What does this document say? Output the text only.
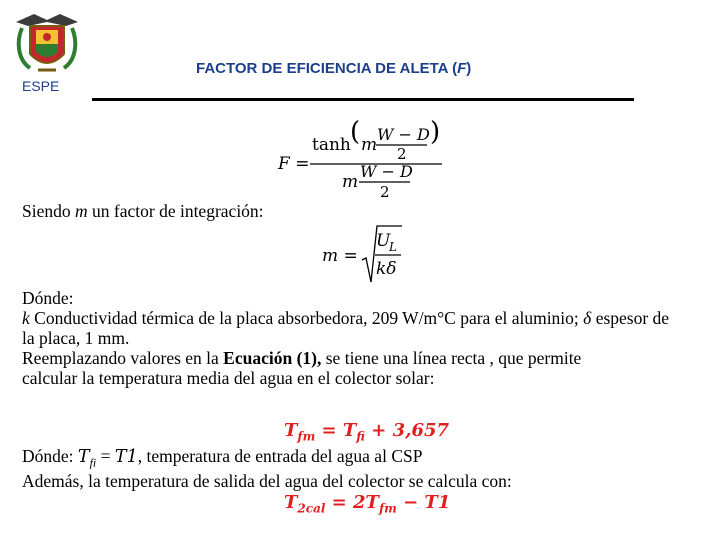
ESPE
FACTOR DE EFICIENCIA DE ALETA (F)
F =
tanh ( m
W − D
2
)
m
W − D
2
Siendo m un factor de integración:
m =
U
L
kδ
Dónde:
k Conductividad térmica de la placa absorbedora, 209 W/m°C para el aluminio; δ espesor de
la placa, 1 mm.
Reemplazando valores en la Ecuación (1), se tiene una línea recta , que permite
calcular la temperatura media del agua en el colector solar:
$T_{fm} = T_{fi} + 3,657$
Dónde: $T_{fi} = T1$, temperatura de entrada del agua al CSP
Además, la temperatura de salida del agua del colector se calcula con:
$T_{2cal} = 2T_{fm} - T1$
